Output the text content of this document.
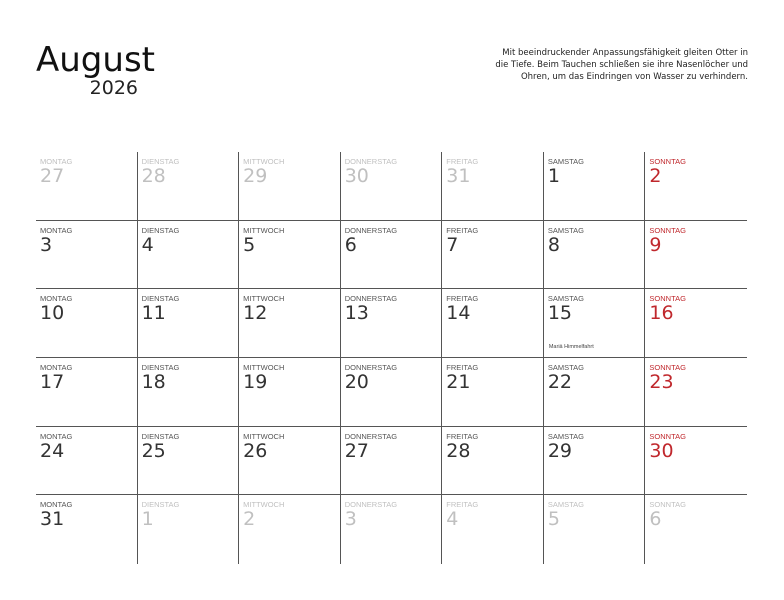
August
2026
Mit beeindruckender Anpassungsfähigkeit gleiten Otter in die Tiefe. Beim Tauchen schließen sie ihre Nasenlöcher und Ohren, um das Eindringen von Wasser zu verhindern.
MONTAG
27
DIENSTAG
28
MITTWOCH
29
DONNERSTAG
30
FREITAG
31
SAMSTAG
1
SONNTAG
2
MONTAG
3
DIENSTAG
4
MITTWOCH
5
DONNERSTAG
6
FREITAG
7
SAMSTAG
8
SONNTAG
9
MONTAG
10
DIENSTAG
11
MITTWOCH
12
DONNERSTAG
13
FREITAG
14
SAMSTAG
15
Mariä Himmelfahrt
SONNTAG
16
MONTAG
17
DIENSTAG
18
MITTWOCH
19
DONNERSTAG
20
FREITAG
21
SAMSTAG
22
SONNTAG
23
MONTAG
24
DIENSTAG
25
MITTWOCH
26
DONNERSTAG
27
FREITAG
28
SAMSTAG
29
SONNTAG
30
MONTAG
31
DIENSTAG
1
MITTWOCH
2
DONNERSTAG
3
FREITAG
4
SAMSTAG
5
SONNTAG
6
